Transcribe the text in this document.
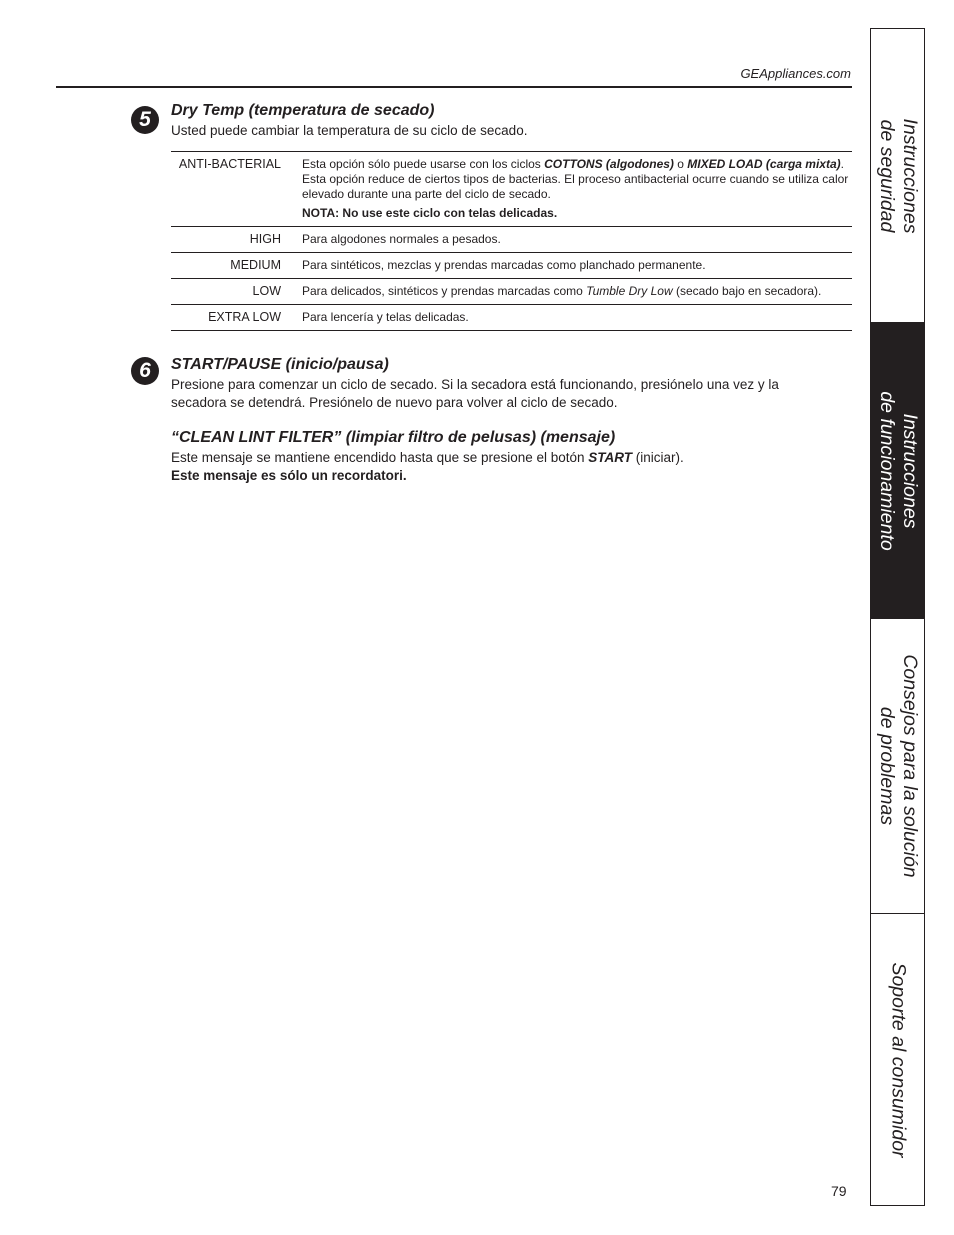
GEAppliances.com
5	Dry Temp (temperatura de secado)
Usted puede cambiar la temperatura de su ciclo de secado.
ANTI-BACTERIAL	Esta opción sólo puede usarse con los ciclos COTTONS (algodones) o MIXED LOAD (carga mixta). Esta opción reduce de ciertos tipos de bacterias. El proceso antibacterial ocurre cuando se utiliza calor elevado durante una parte del ciclo de secado.
NOTA: No use este ciclo con telas delicadas.

HIGH	Para algodones normales a pesados.
MEDIUM	Para sintéticos, mezclas y prendas marcadas como planchado permanente.
LOW	Para delicados, sintéticos y prendas marcadas como Tumble Dry Low (secado bajo en secadora).
EXTRA LOW	Para lencería y telas delicadas.
6	START/PAUSE (inicio/pausa)
Presione para comenzar un ciclo de secado. Si la secadora está funcionando, presiónelo una vez y la secadora se detendrá. Presiónelo de nuevo para volver al ciclo de secado.
“CLEAN LINT FILTER” (limpiar filtro de pelusas) (mensaje)
Este mensaje se mantiene encendido hasta que se presione el botón START (iniciar).
Este mensaje es sólo un recordatori.
Instrucciones
de seguridad
Instrucciones
de funcionamiento
Consejos para la solución
de problemas
Soporte al consumidor
79
